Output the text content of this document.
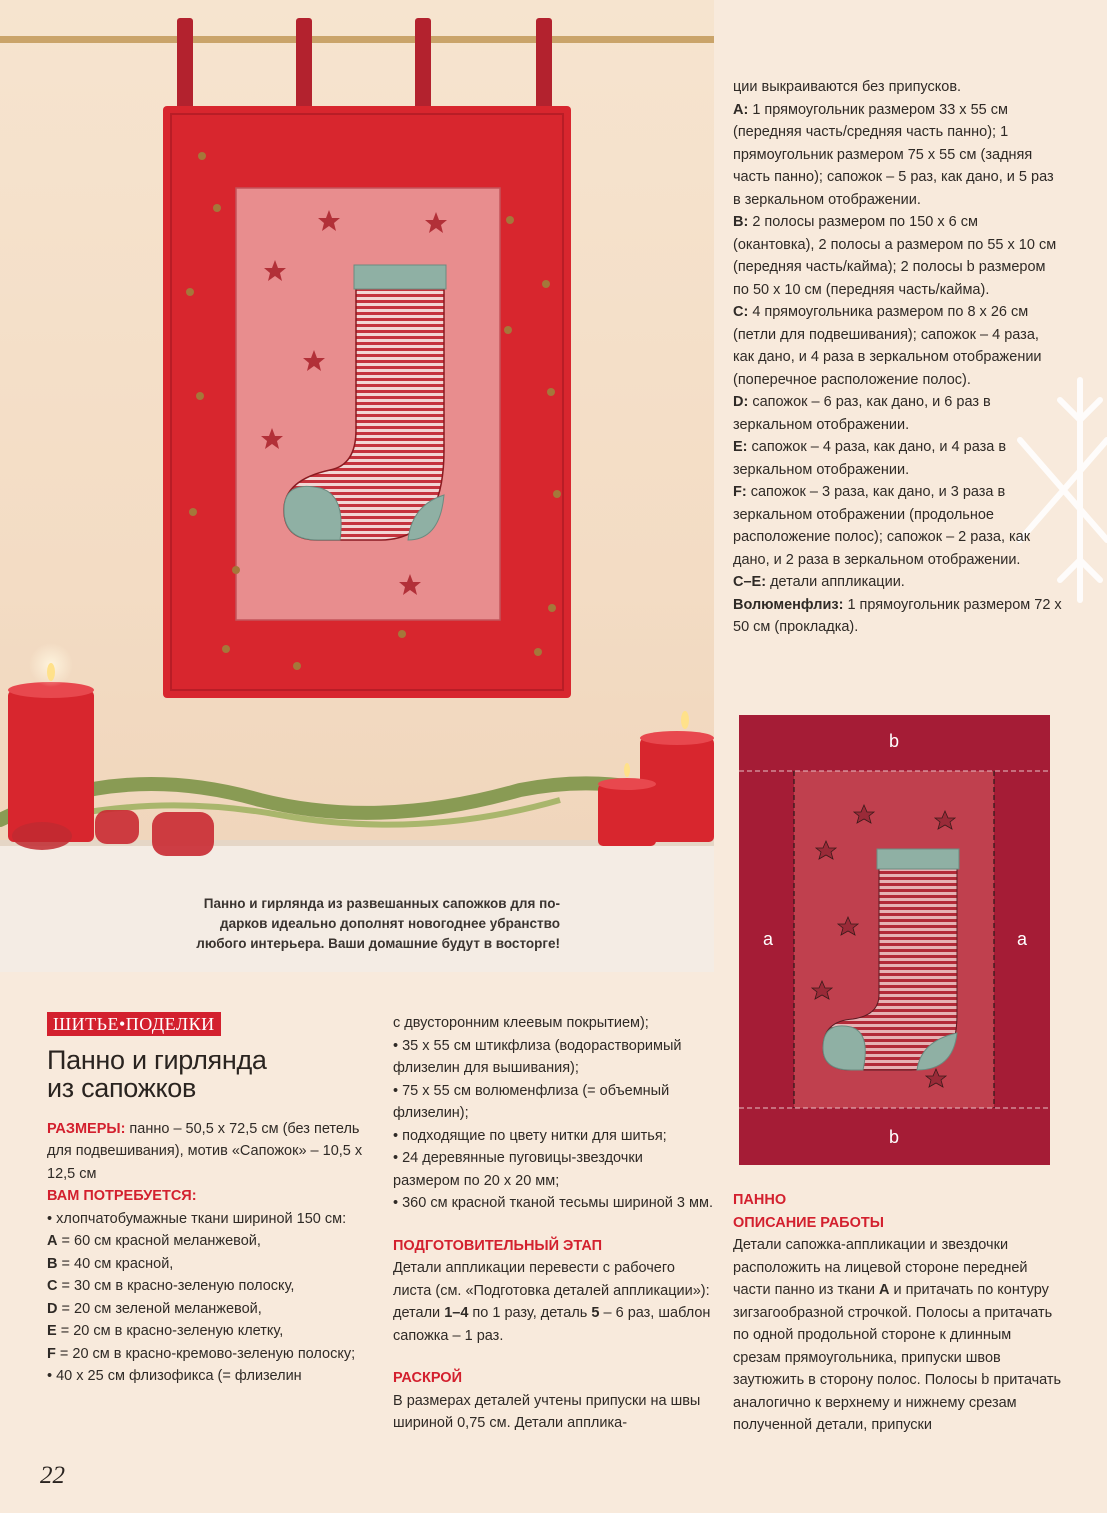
Панно и гирлянда из развешанных сапожков для по-
дарков идеально дополнят новогоднее убранство
любого интерьера. Ваши домашние будут в восторге!

ции выкраиваются без припусков.

A: 1 прямоугольник размером 33 х 55 см (передняя часть/средняя часть панно); 1 прямоугольник размером 75 х 55 см (задняя часть панно); сапожок – 5 раз, как дано, и 5 раз в зеркальном отображении.

B: 2 полосы размером по 150 х 6 см (окантовка), 2 полосы a размером по 55 х 10 см (передняя часть/кайма); 2 полосы b размером по 50 х 10 см (передняя часть/кайма).

C: 4 прямоугольника размером по 8 х 26 см (петли для подвешивания); сапожок – 4 раза, как дано, и 4 раза в зеркальном отображении (поперечное расположение полос).

D: сапожок – 6 раз, как дано, и 6 раз в зеркальном отображении.

E: сапожок – 4 раза, как дано, и 4 раза в зеркальном отображении.

F: сапожок – 3 раза, как дано, и 3 раза в зеркальном отображении (продольное расположение полос); сапожок – 2 раза, как дано, и 2 раза в зеркальном отображении.

C–E: детали аппликации.

Волюменфлиз: 1 прямоугольник размером 72 х 50 см (прокладка).

b
b
a	a
ШИТЬЕ•ПОДЕЛКИ
Панно и гирлянда
из сапожков

РАЗМЕРЫ: панно – 50,5 х 72,5 см (без петель для подвешивания), мотив «Сапожок» – 10,5 х 12,5 см

ВАМ ПОТРЕБУЕТСЯ:

• хлопчатобумажные ткани шириной 150 см:

A = 60 см красной меланжевой,

B = 40 см красной,

C = 30 см в красно-зеленую полоску,

D = 20 см зеленой меланжевой,

E = 20 см в красно-зеленую клетку,

F = 20 см в красно-кремово-зеленую полоску;

• 40 х 25 см флизофикса (= флизелин

с двусторонним клеевым покрытием);

• 35 х 55 см штикфлиза (водорастворимый флизелин для вышивания);

• 75 х 55 см волюменфлиза (= объемный флизелин);

• подходящие по цвету нитки для шитья;

• 24 деревянные пуговицы-звездочки размером по 20 х 20 мм;

• 360 см красной тканой тесьмы шириной 3 мм.

ПОДГОТОВИТЕЛЬНЫЙ ЭТАП

Детали аппликации перевести с рабочего листа (см. «Подготовка деталей аппликации»): детали 1–4 по 1 разу, деталь 5 – 6 раз, шаблон сапожка – 1 раз.

РАСКРОЙ

В размерах деталей учтены припуски на швы шириной 0,75 см. Детали апплика-

ПАННО

ОПИСАНИЕ РАБОТЫ

Детали сапожка-аппликации и звездочки расположить на лицевой стороне передней части панно из ткани A и притачать по контуру зигзагообразной строчкой. Полосы a притачать по одной продольной стороне к длинным срезам прямоугольника, припуски швов заутюжить в сторону полос. Полосы b притачать аналогично к верхнему и нижнему срезам полученной детали, припуски

22
